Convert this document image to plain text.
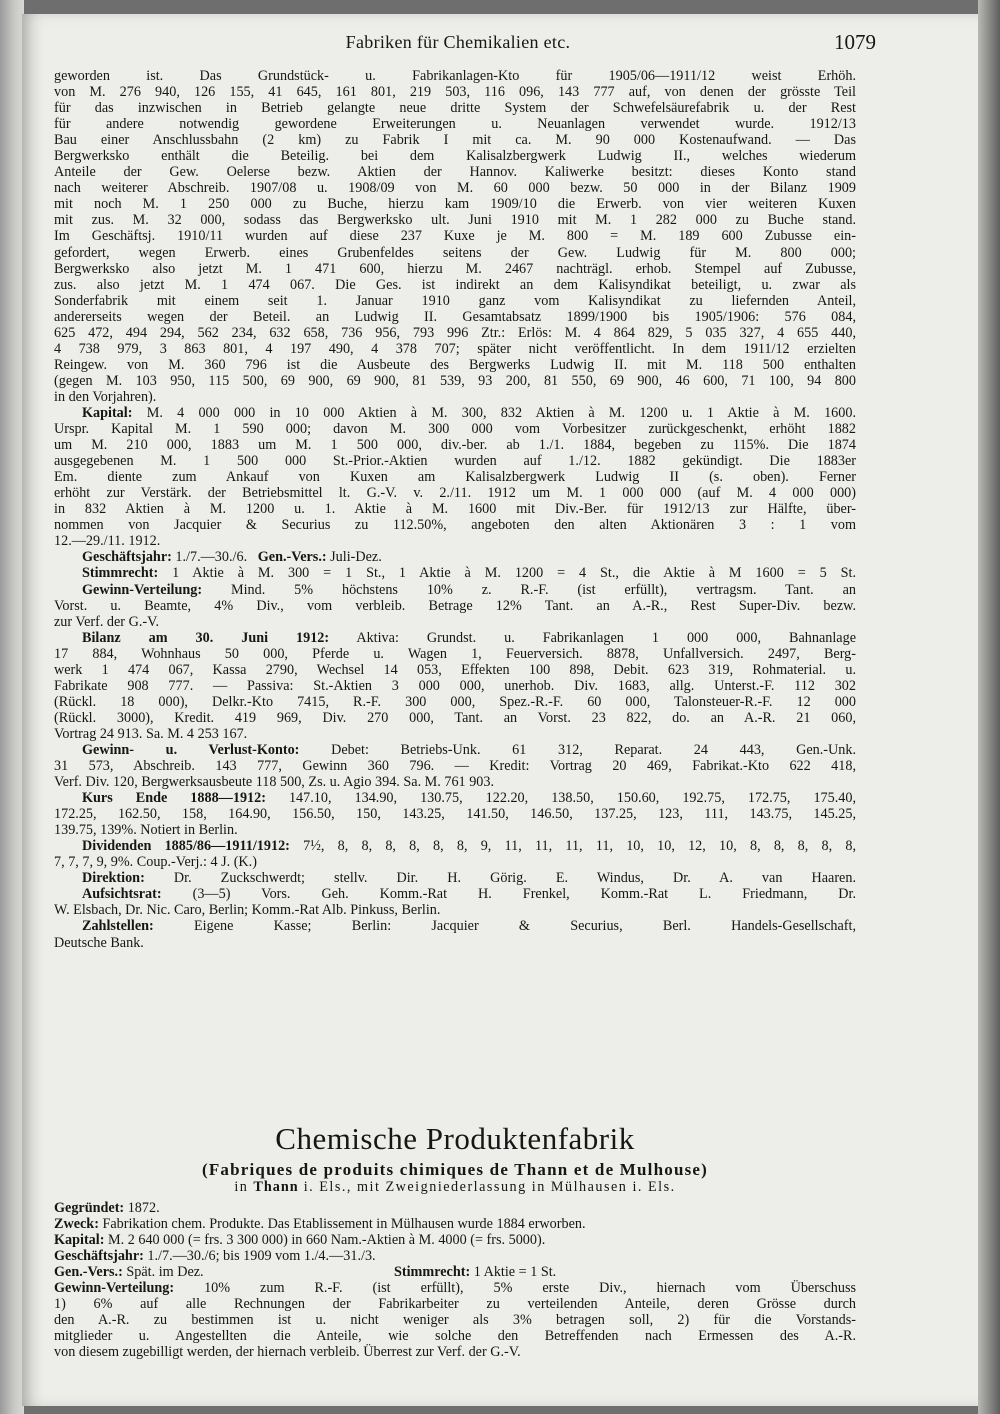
Fabriken für Chemikalien etc.	1079

geworden ist. Das Grundstück- u. Fabrikanlagen-Kto für 1905/06—1911/12 weist Erhöh.

von M. 276 940, 126 155, 41 645, 161 801, 219 503, 116 096, 143 777 auf, von denen der grösste Teil

für das inzwischen in Betrieb gelangte neue dritte System der Schwefelsäurefabrik u. der Rest

für andere notwendig gewordene Erweiterungen u. Neuanlagen verwendet wurde. 1912/13

Bau einer Anschlussbahn (2 km) zu Fabrik I mit ca. M. 90 000 Kostenaufwand. — Das

Bergwerksko enthält die Beteilig. bei dem Kalisalzbergwerk Ludwig II., welches wiederum

Anteile der Gew. Oelerse bezw. Aktien der Hannov. Kaliwerke besitzt: dieses Konto stand

nach weiterer Abschreib. 1907/08 u. 1908/09 von M. 60 000 bezw. 50 000 in der Bilanz 1909

mit noch M. 1 250 000 zu Buche, hierzu kam 1909/10 die Erwerb. von vier weiteren Kuxen

mit zus. M. 32 000, sodass das Bergwerksko ult. Juni 1910 mit M. 1 282 000 zu Buche stand.

Im Geschäftsj. 1910/11 wurden auf diese 237 Kuxe je M. 800 = M. 189 600 Zubusse ein-

gefordert, wegen Erwerb. eines Grubenfeldes seitens der Gew. Ludwig für M. 800 000;

Bergwerksko also jetzt M. 1 471 600, hierzu M. 2467 nachträgl. erhob. Stempel auf Zubusse,

zus. also jetzt M. 1 474 067. Die Ges. ist indirekt an dem Kalisyndikat beteiligt, u. zwar als

Sonderfabrik mit einem seit 1. Januar 1910 ganz vom Kalisyndikat zu liefernden Anteil,

andererseits wegen der Beteil. an Ludwig II. Gesamtabsatz 1899/1900 bis 1905/1906: 576 084,

625 472, 494 294, 562 234, 632 658, 736 956, 793 996 Ztr.: Erlös: M. 4 864 829, 5 035 327, 4 655 440,

4 738 979, 3 863 801, 4 197 490, 4 378 707; später nicht veröffentlicht. In dem 1911/12 erzielten

Reingew. von M. 360 796 ist die Ausbeute des Bergwerks Ludwig II. mit M. 118 500 enthalten

(gegen M. 103 950, 115 500, 69 900, 69 900, 81 539, 93 200, 81 550, 69 900, 46 600, 71 100, 94 800

in den Vorjahren).

Kapital: M. 4 000 000 in 10 000 Aktien à M. 300, 832 Aktien à M. 1200 u. 1 Aktie à M. 1600.

Urspr. Kapital M. 1 590 000; davon M. 300 000 vom Vorbesitzer zurückgeschenkt, erhöht 1882

um M. 210 000, 1883 um M. 1 500 000, div.-ber. ab 1./1. 1884, begeben zu 115%. Die 1874

ausgegebenen M. 1 500 000 St.-Prior.-Aktien wurden auf 1./12. 1882 gekündigt. Die 1883er

Em. diente zum Ankauf von Kuxen am Kalisalzbergwerk Ludwig II (s. oben). Ferner

erhöht zur Verstärk. der Betriebsmittel lt. G.-V. v. 2./11. 1912 um M. 1 000 000 (auf M. 4 000 000)

in 832 Aktien à M. 1200 u. 1. Aktie à M. 1600 mit Div.-Ber. für 1912/13 zur Hälfte, über-

nommen von Jacquier & Securius zu 112.50%, angeboten den alten Aktionären 3 : 1 vom

12.—29./11. 1912.

Geschäftsjahr: 1./7.—30./6. Gen.-Vers.: Juli-Dez.

Stimmrecht: 1 Aktie à M. 300 = 1 St., 1 Aktie à M. 1200 = 4 St., die Aktie à M 1600 = 5 St.

Gewinn-Verteilung: Mind. 5% höchstens 10% z. R.-F. (ist erfüllt), vertragsm. Tant. an

Vorst. u. Beamte, 4% Div., vom verbleib. Betrage 12% Tant. an A.-R., Rest Super-Div. bezw.

zur Verf. der G.-V.

Bilanz am 30. Juni 1912: Aktiva: Grundst. u. Fabrikanlagen 1 000 000, Bahnanlage

17 884, Wohnhaus 50 000, Pferde u. Wagen 1, Feuerversich. 8878, Unfallversich. 2497, Berg-

werk 1 474 067, Kassa 2790, Wechsel 14 053, Effekten 100 898, Debit. 623 319, Rohmaterial. u.

Fabrikate 908 777. — Passiva: St.-Aktien 3 000 000, unerhob. Div. 1683, allg. Unterst.-F. 112 302

(Rückl. 18 000), Delkr.-Kto 7415, R.-F. 300 000, Spez.-R.-F. 60 000, Talonsteuer-R.-F. 12 000

(Rückl. 3000), Kredit. 419 969, Div. 270 000, Tant. an Vorst. 23 822, do. an A.-R. 21 060,

Vortrag 24 913. Sa. M. 4 253 167.

Gewinn- u. Verlust-Konto: Debet: Betriebs-Unk. 61 312, Reparat. 24 443, Gen.-Unk.

31 573, Abschreib. 143 777, Gewinn 360 796. — Kredit: Vortrag 20 469, Fabrikat.-Kto 622 418,

Verf. Div. 120, Bergwerksausbeute 118 500, Zs. u. Agio 394. Sa. M. 761 903.

Kurs Ende 1888—1912: 147.10, 134.90, 130.75, 122.20, 138.50, 150.60, 192.75, 172.75, 175.40,

172.25, 162.50, 158, 164.90, 156.50, 150, 143.25, 141.50, 146.50, 137.25, 123, 111, 143.75, 145.25,

139.75, 139%. Notiert in Berlin.

Dividenden 1885/86—1911/1912: 7½, 8, 8, 8, 8, 8, 8, 9, 11, 11, 11, 11, 10, 10, 12, 10, 8, 8, 8, 8, 8,

7, 7, 7, 9, 9%. Coup.-Verj.: 4 J. (K.)

Direktion: Dr. Zuckschwerdt; stellv. Dir. H. Görig. E. Windus, Dr. A. van Haaren.

Aufsichtsrat: (3—5) Vors. Geh. Komm.-Rat H. Frenkel, Komm.-Rat L. Friedmann, Dr.

W. Elsbach, Dr. Nic. Caro, Berlin; Komm.-Rat Alb. Pinkuss, Berlin.

Zahlstellen:	Eigene Kasse; Berlin: Jacquier & Securius, Berl. Handels-Gesellschaft,

Deutsche Bank.

Chemische Produktenfabrik
(Fabriques de produits chimiques de Thann et de Mulhouse)
in Thann i. Els., mit Zweigniederlassung in Mülhausen i. Els.

Gegründet: 1872.

Zweck: Fabrikation chem. Produkte. Das Etablissement in Mülhausen wurde 1884 erworben.

Kapital: M. 2 640 000 (= frs. 3 300 000) in 660 Nam.-Aktien à M. 4000 (= frs. 5000).

Geschäftsjahr: 1./7.—30./6; bis 1909 vom 1./4.—31./3.

Gen.-Vers.: Spät. im Dez.	Stimmrecht: 1 Aktie = 1 St.

Gewinn-Verteilung: 10% zum R.-F. (ist erfüllt), 5% erste Div., hiernach vom Überschuss

1) 6% auf alle Rechnungen der Fabrikarbeiter zu verteilenden Anteile, deren Grösse durch

den A.-R. zu bestimmen ist u. nicht weniger als 3% betragen soll, 2) für die Vorstands-

mitglieder u. Angestellten die Anteile, wie solche den Betreffenden nach Ermessen des A.-R.

von diesem zugebilligt werden, der hiernach verbleib. Überrest zur Verf. der G.-V.
